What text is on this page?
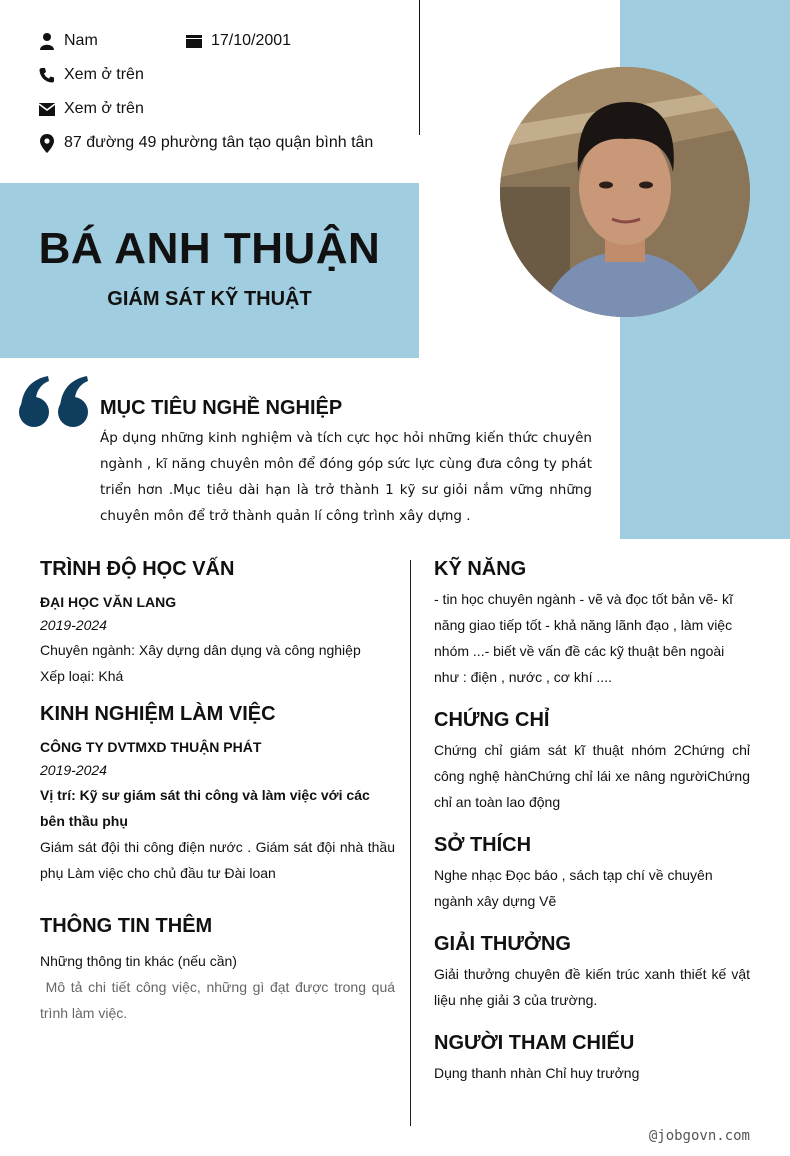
Nam	17/10/2001
Xem ở trên
Xem ở trên
87 đường 49 phường tân tạo quận bình tân
BÁ ANH THUẬN
GIÁM SÁT KỸ THUẬT
MỤC TIÊU NGHỀ NGHIỆP
Áp dụng những kinh nghiệm và tích cực học hỏi những kiến thức chuyên ngành , kĩ năng chuyên môn để đóng góp sức lực cùng đưa công ty phát triển hơn .Mục tiêu dài hạn là trở thành 1 kỹ sư giỏi nắm vững những chuyên môn để trở thành quản lí công trình xây dựng .
TRÌNH ĐỘ HỌC VẤN
ĐẠI HỌC VĂN LANG
2019-2024
Chuyên ngành: Xây dựng dân dụng và công nghiệp
Xếp loại: Khá
KINH NGHIỆM LÀM VIỆC
CÔNG TY DVTMXD THUẬN PHÁT
2019-2024
Vị trí: Kỹ sư giám sát thi công và làm việc với các bên thầu phụ
Giám sát đội thi công điện nước . Giám sát đội nhà thầu phụ Làm việc cho chủ đầu tư Đài loan
THÔNG TIN THÊM
Những thông tin khác (nếu cần)
Mô tả chi tiết công việc, những gì đạt được trong quá trình làm việc.
KỸ NĂNG
- tin học chuyên ngành - vẽ và đọc tốt bản vẽ- kĩ năng giao tiếp tốt - khả năng lãnh đạo , làm việc nhóm ...- biết về vấn đề các kỹ thuật bên ngoài như : điện , nước , cơ khí ....
CHỨNG CHỈ
Chứng chỉ giám sát kĩ thuật nhóm 2Chứng chỉ công nghệ hànChứng chỉ lái xe nâng ngườiChứng chỉ an toàn lao động
SỞ THÍCH
Nghe nhạc Đọc báo , sách tạp chí về chuyên ngành xây dựng Vẽ
GIẢI THƯỞNG
Giải thưởng chuyên đề kiến trúc xanh thiết kế vật liệu nhẹ giải 3 của trường.
NGƯỜI THAM CHIẾU
Dụng thanh nhàn Chỉ huy trưởng
@jobgovn.com
